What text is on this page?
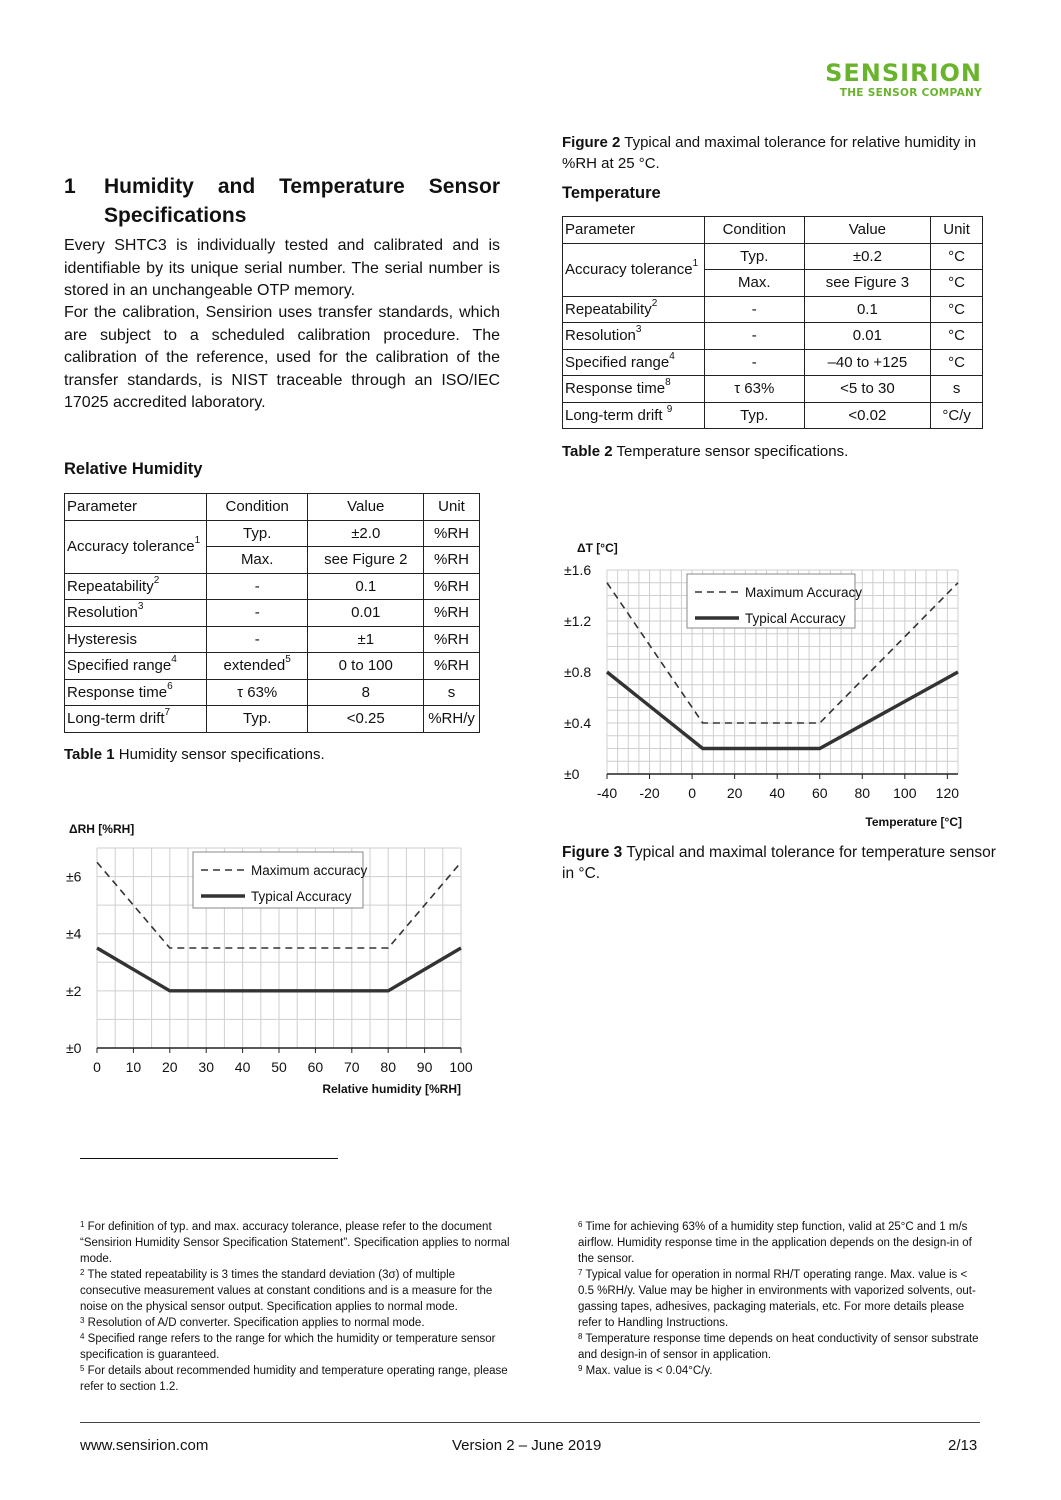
SENSIRION
THE SENSOR COMPANY
1 Humidity and Temperature Sensor
Specifications
Every SHTC3 is individually tested and calibrated and is identifiable by its unique serial number. The serial number is stored in an unchangeable OTP memory.
For the calibration, Sensirion uses transfer standards, which are subject to a scheduled calibration procedure. The calibration of the reference, used for the calibration of the transfer standards, is NIST traceable through an ISO/IEC 17025 accredited laboratory.
Relative Humidity
Parameter	Condition	Value	Unit
Accuracy tolerance$^1$	Typ.	±2.0	%RH
	Max.	see Figure 2	%RH
Repeatability$^2$	-	0.1	%RH
Resolution$^3$	-	0.01	%RH
Hysteresis	-	±1	%RH
Specified range$^4$	extended$^5$	0 to 100	%RH
Response time$^6$	τ 63%	8	s
Long-term drift$^7$	Typ.	<0.25	%RH/y
Table 1 Humidity sensor specifications.
Figure 2 Typical and maximal tolerance for relative humidity in %RH at 25 °C.
Temperature
Parameter	Condition	Value	Unit
Accuracy tolerance$^1$	Typ.	±0.2	°C
	Max.	see Figure 3	°C
Repeatability$^2$	-	0.1	°C
Resolution$^3$	-	0.01	°C
Specified range$^4$	-	–40 to +125	°C
Response time$^8$	τ 63%	<5 to 30	s
Long-term drift $^9$	Typ.	<0.02	°C/y
Table 2 Temperature sensor specifications.
0 10 20 30 40 50 60 70 80 90 100
±0
±2
±4
±6
ΔRH [%RH]
Relative humidity [%RH]
Maximum accuracy
Typical Accuracy
-40 -20 0 20 40 60 80 100 120
±0
±0.4
±0.8
±1.2
±1.6
ΔT [°C]
Temperature [°C]
Maximum Accuracy
Typical Accuracy
Figure 3 Typical and maximal tolerance for temperature sensor in °C.

$^1$ For definition of typ. and max. accuracy tolerance, please refer to the document “Sensirion Humidity Sensor Specification Statement”. Specification applies to normal mode.

$^2$ The stated repeatability is 3 times the standard deviation (3σ) of multiple consecutive measurement values at constant conditions and is a measure for the noise on the physical sensor output. Specification applies to normal mode.

$^3$ Resolution of A/D converter. Specification applies to normal mode.

$^4$ Specified range refers to the range for which the humidity or temperature sensor specification is guaranteed.

$^5$ For details about recommended humidity and temperature operating range, please refer to section 1.2.

$^6$ Time for achieving 63% of a humidity step function, valid at 25°C and 1 m/s airflow. Humidity response time in the application depends on the design-in of the sensor.

$^7$ Typical value for operation in normal RH/T operating range. Max. value is < 0.5 %RH/y. Value may be higher in environments with vaporized solvents, out-gassing tapes, adhesives, packaging materials, etc. For more details please refer to Handling Instructions.

$^8$ Temperature response time depends on heat conductivity of sensor substrate and design-in of sensor in application.

$^9$ Max. value is < 0.04°C/y.

www.sensirion.com	Version 2 – June 2019	2/13
